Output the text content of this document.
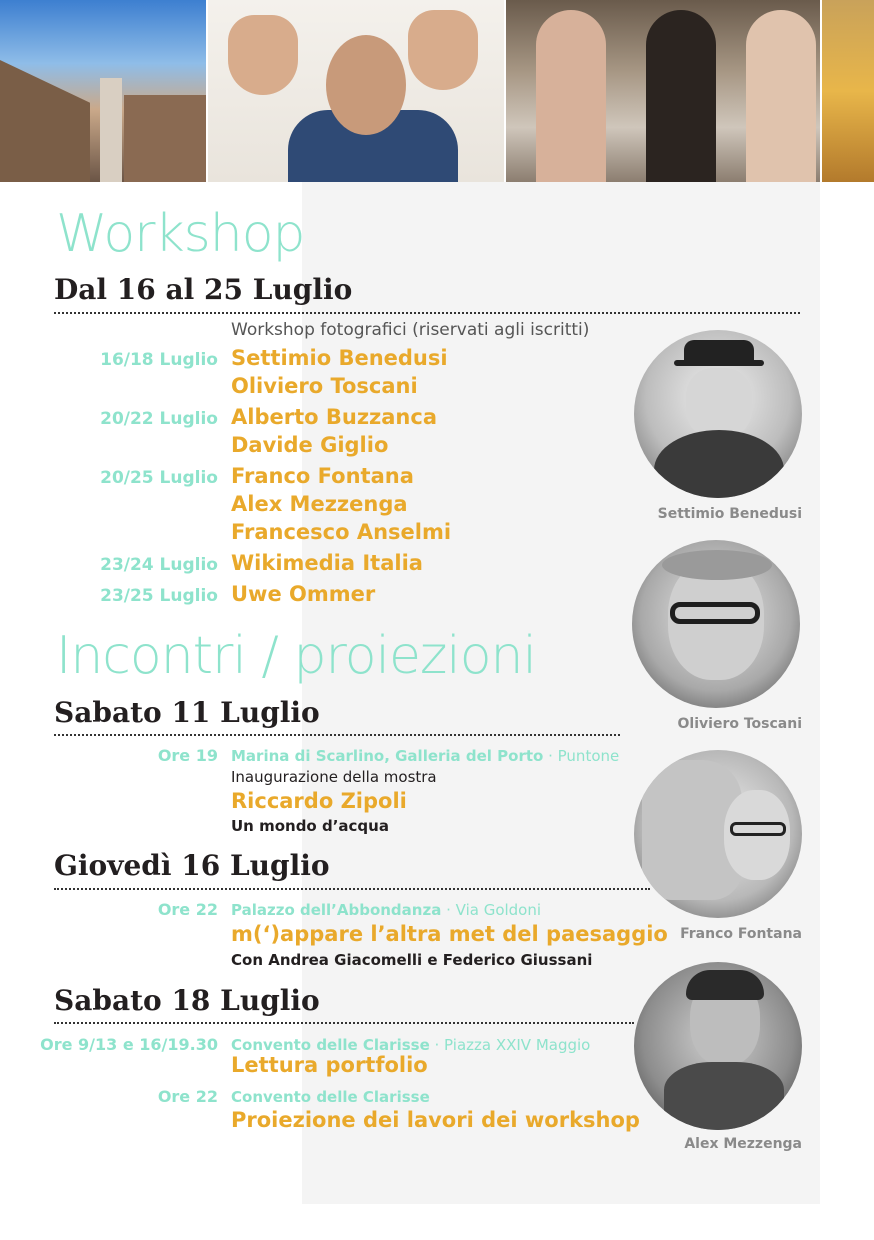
Workshop
Dal 16 al 25 Luglio
Workshop fotografici (riservati agli iscritti)
16/18 Luglio Settimio Benedusi
Oliviero Toscani
20/22 Luglio Alberto Buzzanca
Davide Giglio
20/25 Luglio Franco Fontana
Alex Mezzenga
Francesco Anselmi
23/24 Luglio Wikimedia Italia
23/25 Luglio Uwe Ommer
Incontri / proiezioni
Sabato 11 Luglio
Ore 19 Marina di Scarlino, Galleria del Porto · Puntone
Inaugurazione della mostra
Riccardo Zipoli
Un mondo d’acqua
Giovedì 16 Luglio
Ore 22 Palazzo dell’Abbondanza · Via Goldoni
m(‘)appare l’altra met del paesaggio
Con Andrea Giacomelli e Federico Giussani
Sabato 18 Luglio
Ore 9/13 e 16/19.30 Convento delle Clarisse · Piazza XXIV Maggio
Lettura portfolio
Ore 22 Convento delle Clarisse
Proiezione dei lavori dei workshop
Settimio Benedusi
Oliviero Toscani
Franco Fontana
Alex Mezzenga
